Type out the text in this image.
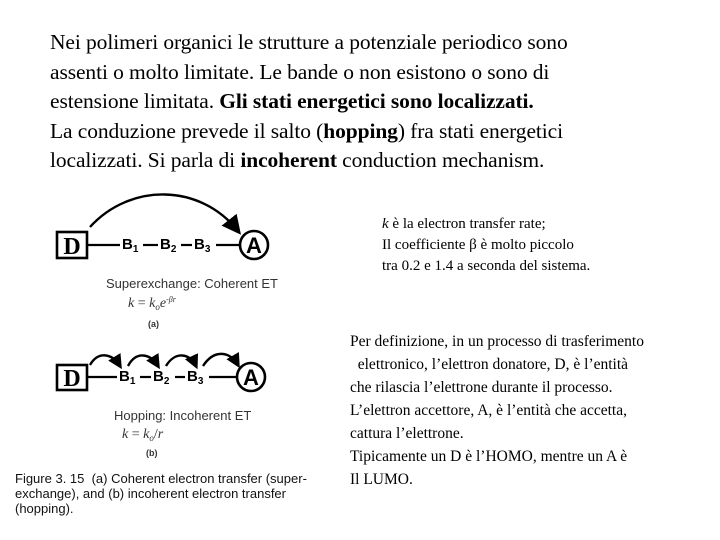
Nei polimeri organici le strutture a potenziale periodico sono

assenti o molto limitate. Le bande o non esistono o sono di

estensione limitata. Gli stati energetici sono localizzati.

La conduzione prevede il salto (hopping) fra stati energetici

localizzati. Si parla di incoherent conduction mechanism.

k è la electron transfer rate;

Il coefficiente β è molto piccolo

tra 0.2 e 1.4 a seconda del sistema.

Per definizione, in un processo di trasferimento

elettronico, l’elettron donatore, D, è l’entità

che rilascia l’elettrone durante il processo.

L’elettron accettore, A, è l’entità che accetta,

cattura l’elettrone.

Tipicamente un D è l’HOMO, mentre un A è

Il LUMO.

D	$B_1$ $B_2$ $B_3$ A
Superexchange: Coherent ET
$k = k_oe^{-\beta r}$
(a)
D	$B_1$ $B_2$ $B_3$ A
Hopping: Incoherent ET
$k = k_o/r$
(b)
Figure 3. 15  (a) Coherent electron transfer (super-
exchange), and (b) incoherent electron transfer
(hopping).
